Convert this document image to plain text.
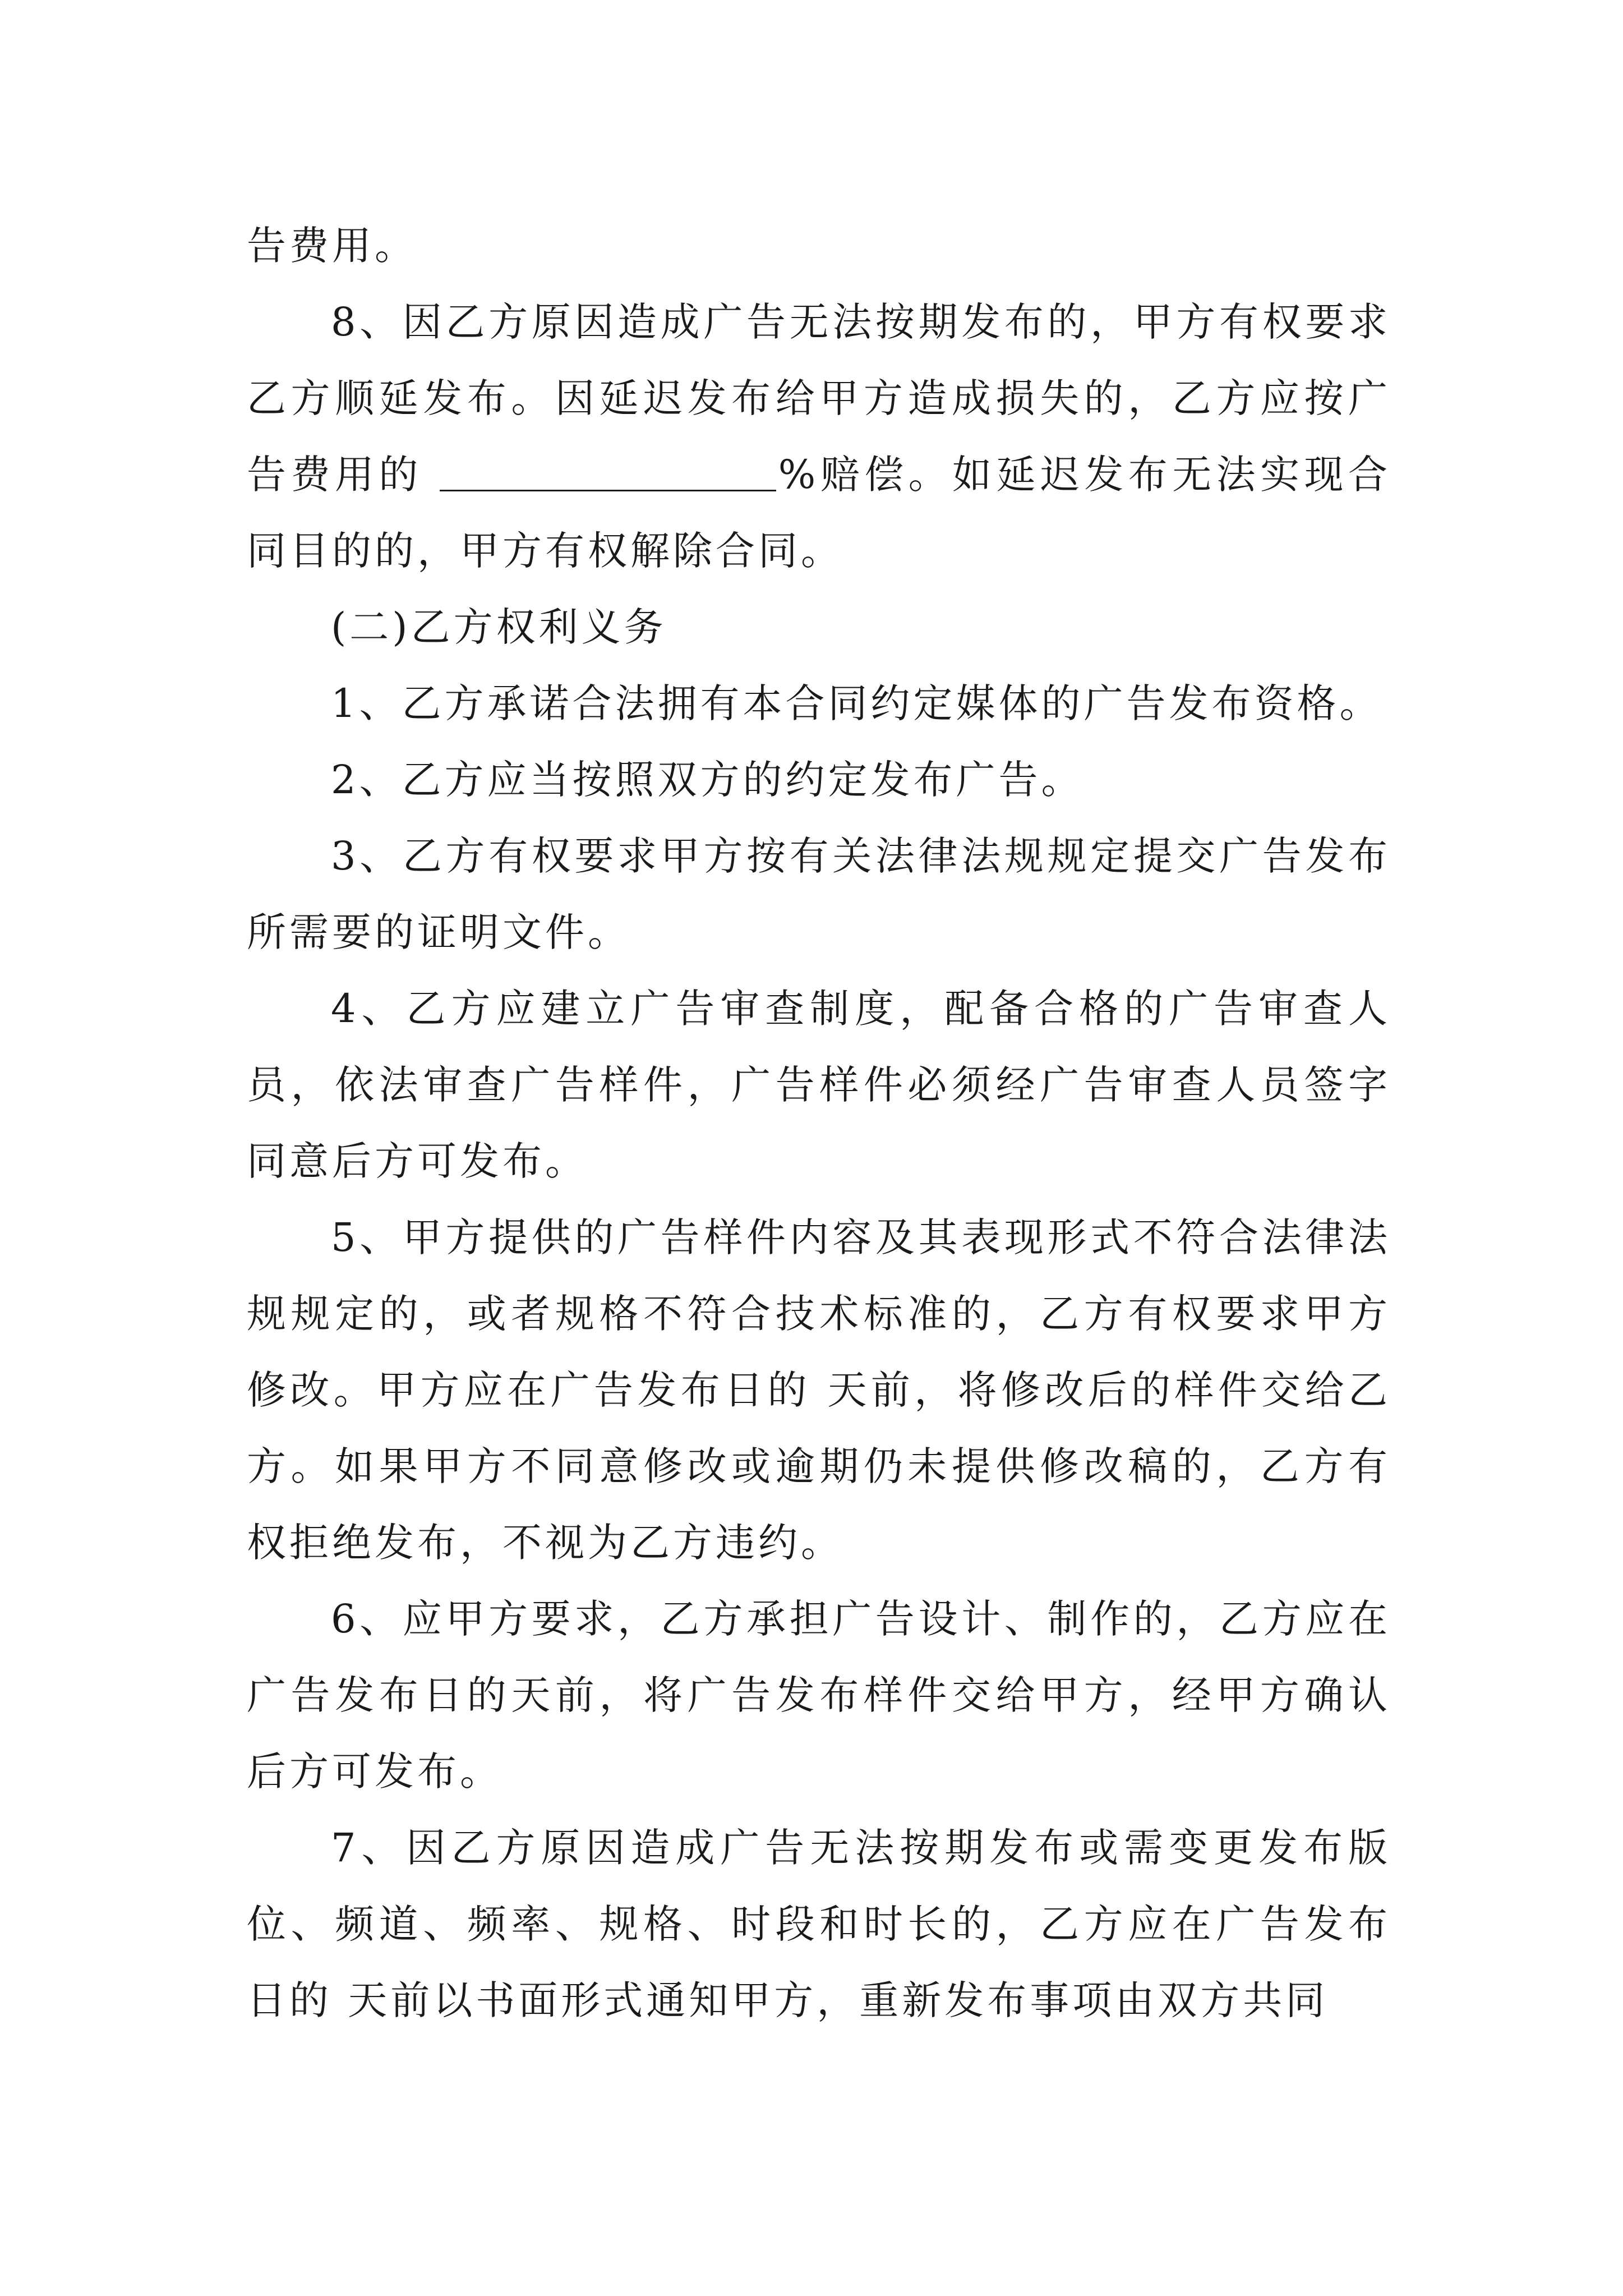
告费用。

8、因乙方原因造成广告无法按期发布的，甲方有权要求乙方顺延发布。因延迟发布给甲方造成损失的，乙方应按广告费用的	%赔偿。如延迟发布无法实现合同目的的，甲方有权解除合同。

(二)乙方权利义务

1、乙方承诺合法拥有本合同约定媒体的广告发布资格。

2、乙方应当按照双方的约定发布广告。

3、乙方有权要求甲方按有关法律法规规定提交广告发布所需要的证明文件。

4、乙方应建立广告审查制度，配备合格的广告审查人员，依法审查广告样件，广告样件必须经广告审查人员签字同意后方可发布。

5、甲方提供的广告样件内容及其表现形式不符合法律法规规定的，或者规格不符合技术标准的，乙方有权要求甲方修改。甲方应在广告发布日的 天前，将修改后的样件交给乙方。如果甲方不同意修改或逾期仍未提供修改稿的，乙方有权拒绝发布，不视为乙方违约。

6、应甲方要求，乙方承担广告设计、制作的，乙方应在广告发布日的天前，将广告发布样件交给甲方，经甲方确认后方可发布。

7、因乙方原因造成广告无法按期发布或需变更发布版位、频道、频率、规格、时段和时长的，乙方应在广告发布日的 天前以书面形式通知甲方，重新发布事项由双方共同
